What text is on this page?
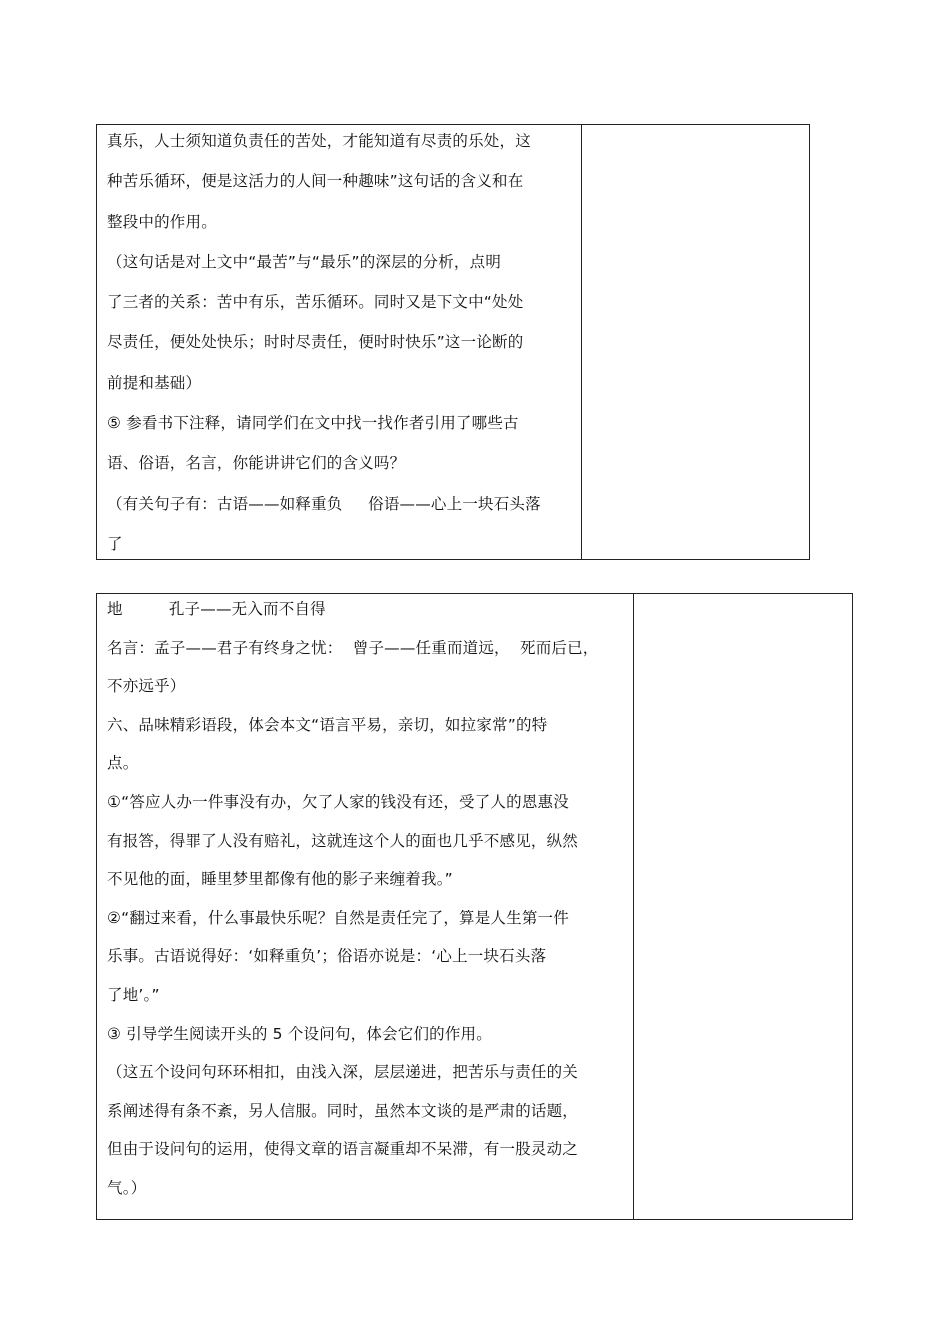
真乐，人士须知道负责任的苦处，才能知道有尽责的乐处，这
种苦乐循环，便是这活力的人间一种趣味”这句话的含义和在
整段中的作用。
（这句话是对上文中“最苦”与“最乐”的深层的分析，点明
了三者的关系：苦中有乐，苦乐循环。同时又是下文中“处处
尽责任，便处处快乐；时时尽责任，便时时快乐”这一论断的
前提和基础）
⑤ 参看书下注释，请同学们在文中找一找作者引用了哪些古
语、俗语，名言，你能讲讲它们的含义吗？
（有关句子有：古语——如释重负     俗语——心上一块石头落
了
地         孔子——无入而不自得
名言：孟子——君子有终身之忧：  曾子——任重而道远，  死而后已，
不亦远乎）
六、品味精彩语段，体会本文“语言平易，亲切，如拉家常”的特
点。
①“答应人办一件事没有办，欠了人家的钱没有还，受了人的恩惠没
有报答，得罪了人没有赔礼，这就连这个人的面也几乎不感见，纵然
不见他的面，睡里梦里都像有他的影子来缠着我。”
②“翻过来看，什么事最快乐呢？自然是责任完了，算是人生第一件
乐事。古语说得好：‘如释重负’；俗语亦说是：‘心上一块石头落
了地’。”
③ 引导学生阅读开头的 5 个设问句，体会它们的作用。
（这五个设问句环环相扣，由浅入深，层层递进，把苦乐与责任的关
系阐述得有条不紊，另人信服。同时，虽然本文谈的是严肃的话题，
但由于设问句的运用，使得文章的语言凝重却不呆滞，有一股灵动之
气。）
